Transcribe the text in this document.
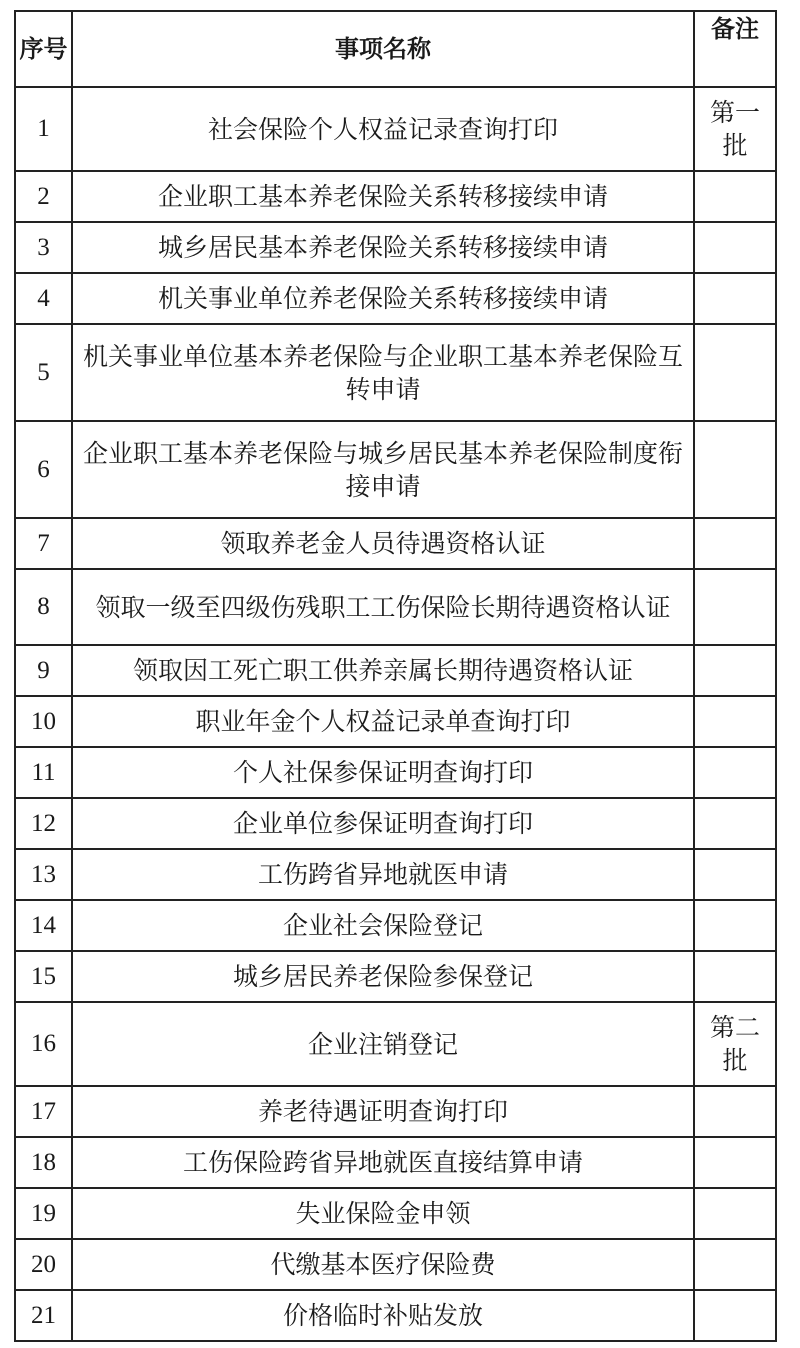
序号	事项名称	备注
1	社会保险个人权益记录查询打印	第一批
2	企业职工基本养老保险关系转移接续申请	
3	城乡居民基本养老保险关系转移接续申请	
4	机关事业单位养老保险关系转移接续申请	
5	机关事业单位基本养老保险与企业职工基本养老保险互转申请	
6	企业职工基本养老保险与城乡居民基本养老保险制度衔接申请	
7	领取养老金人员待遇资格认证	
8	领取一级至四级伤残职工工伤保险长期待遇资格认证	
9	领取因工死亡职工供养亲属长期待遇资格认证	
10	职业年金个人权益记录单查询打印	
11	个人社保参保证明查询打印	
12	企业单位参保证明查询打印	
13	工伤跨省异地就医申请	
14	企业社会保险登记	
15	城乡居民养老保险参保登记	
16	企业注销登记	第二批
17	养老待遇证明查询打印	
18	工伤保险跨省异地就医直接结算申请	
19	失业保险金申领	
20	代缴基本医疗保险费	
21	价格临时补贴发放	
